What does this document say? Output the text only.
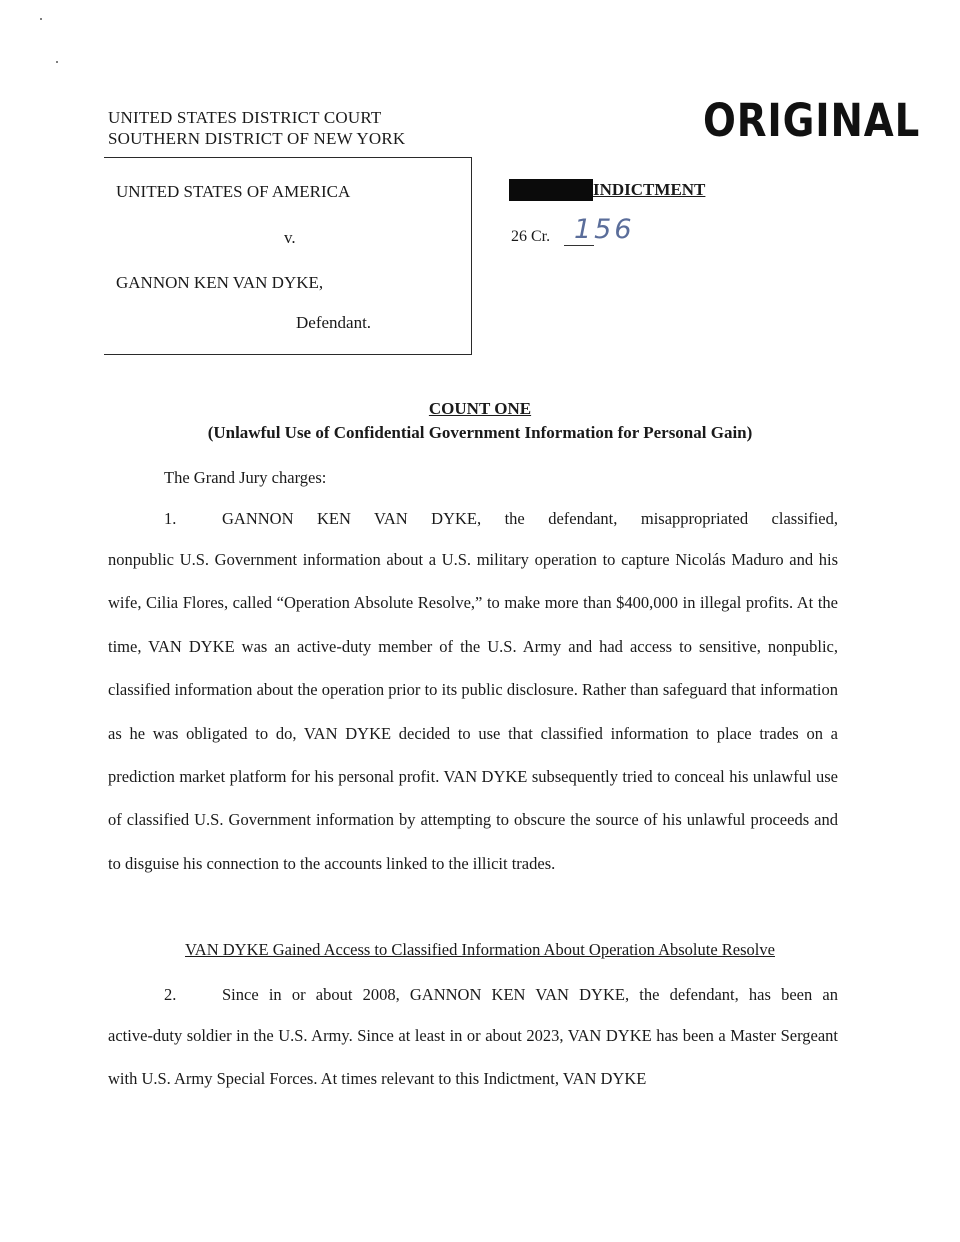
UNITED STATES DISTRICT COURT
SOUTHERN DISTRICT OF NEW YORK	ORIGINAL
UNITED STATES OF AMERICA
v.
GANNON KEN VAN DYKE,
Defendant.
INDICTMENT
26 Cr. 156
COUNT ONE
(Unlawful Use of Confidential Government Information for Personal Gain)
The Grand Jury charges:
1.	GANNON KEN VAN DYKE, the defendant, misappropriated classified,

nonpublic U.S. Government information about a U.S. military operation to capture Nicolás Maduro and his wife, Cilia Flores, called “Operation Absolute Resolve,” to make more than $400,000 in illegal profits. At the time, VAN DYKE was an active-duty member of the U.S. Army and had access to sensitive, nonpublic, classified information about the operation prior to its public disclosure. Rather than safeguard that information as he was obligated to do, VAN DYKE decided to use that classified information to place trades on a prediction market platform for his personal profit. VAN DYKE subsequently tried to conceal his unlawful use of classified U.S. Government information by attempting to obscure the source of his unlawful proceeds and to disguise his connection to the accounts linked to the illicit trades.

VAN DYKE Gained Access to Classified Information About Operation Absolute Resolve
2.	Since in or about 2008, GANNON KEN VAN DYKE, the defendant, has been an

active-duty soldier in the U.S. Army. Since at least in or about 2023, VAN DYKE has been a Master Sergeant with U.S. Army Special Forces. At times relevant to this Indictment, VAN DYKE
